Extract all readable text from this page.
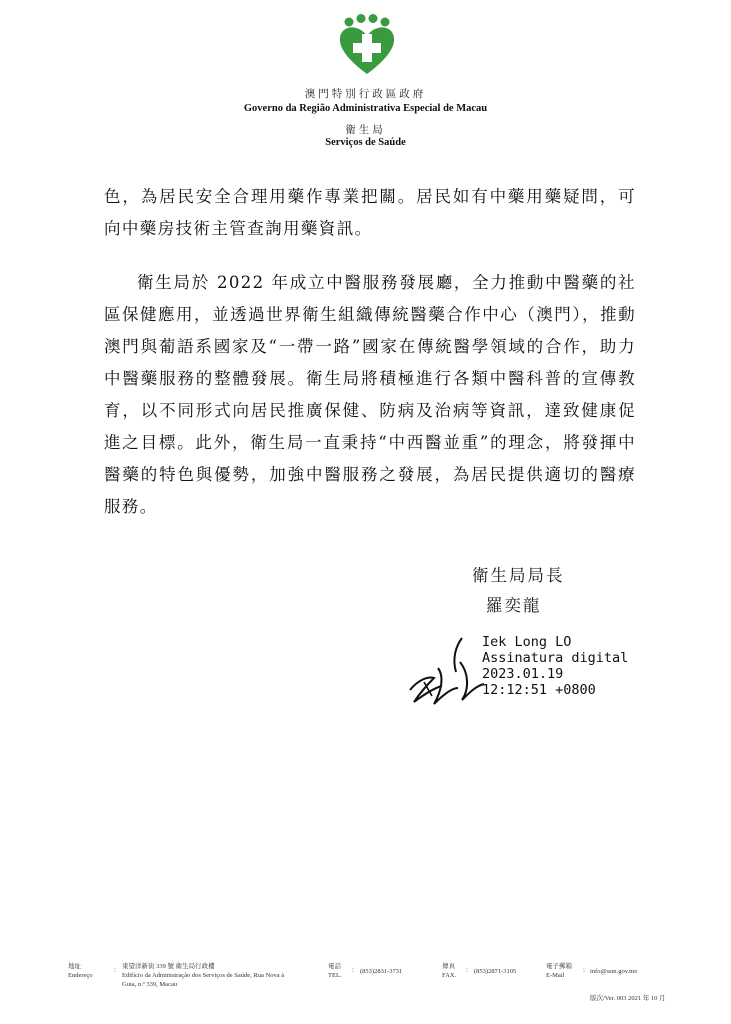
澳門特別行政區政府
Governo da Região Administrativa Especial de Macau
衛生局
Serviços de Saúde

色，為居民安全合理用藥作專業把關。居民如有中藥用藥疑問，可向中藥房技術主管查詢用藥資訊。

衛生局於 2022 年成立中醫服務發展廳，全力推動中醫藥的社區保健應用，並透過世界衛生組織傳統醫藥合作中心（澳門），推動澳門與葡語系國家及“一帶一路”國家在傳統醫學領域的合作，助力中醫藥服務的整體發展。衛生局將積極進行各類中醫科普的宣傳教育，以不同形式向居民推廣保健、防病及治病等資訊，達致健康促進之目標。此外，衛生局一直秉持“中西醫並重”的理念，將發揮中醫藥的特色與優勢，加強中醫服務之發展，為居民提供適切的醫療服務。

衛生局局長
羅奕龍
Iek Long LO
Assinatura digital
2023.01.19
12:12:51 +0800
地址
Endereço
: 東望洋新街 339 號 衛生局行政樓
Edifício da Administração dos Serviços de Saúde, Rua Nova à
Guia, n.º 339, Macau
電話
TEL.
: (853)2831-3731
傳真
FAX.
: (853)2871-3105
電子郵箱
E-Mail
: info@ssm.gov.mo
版次/Ver. 003 2021 年 10 月
